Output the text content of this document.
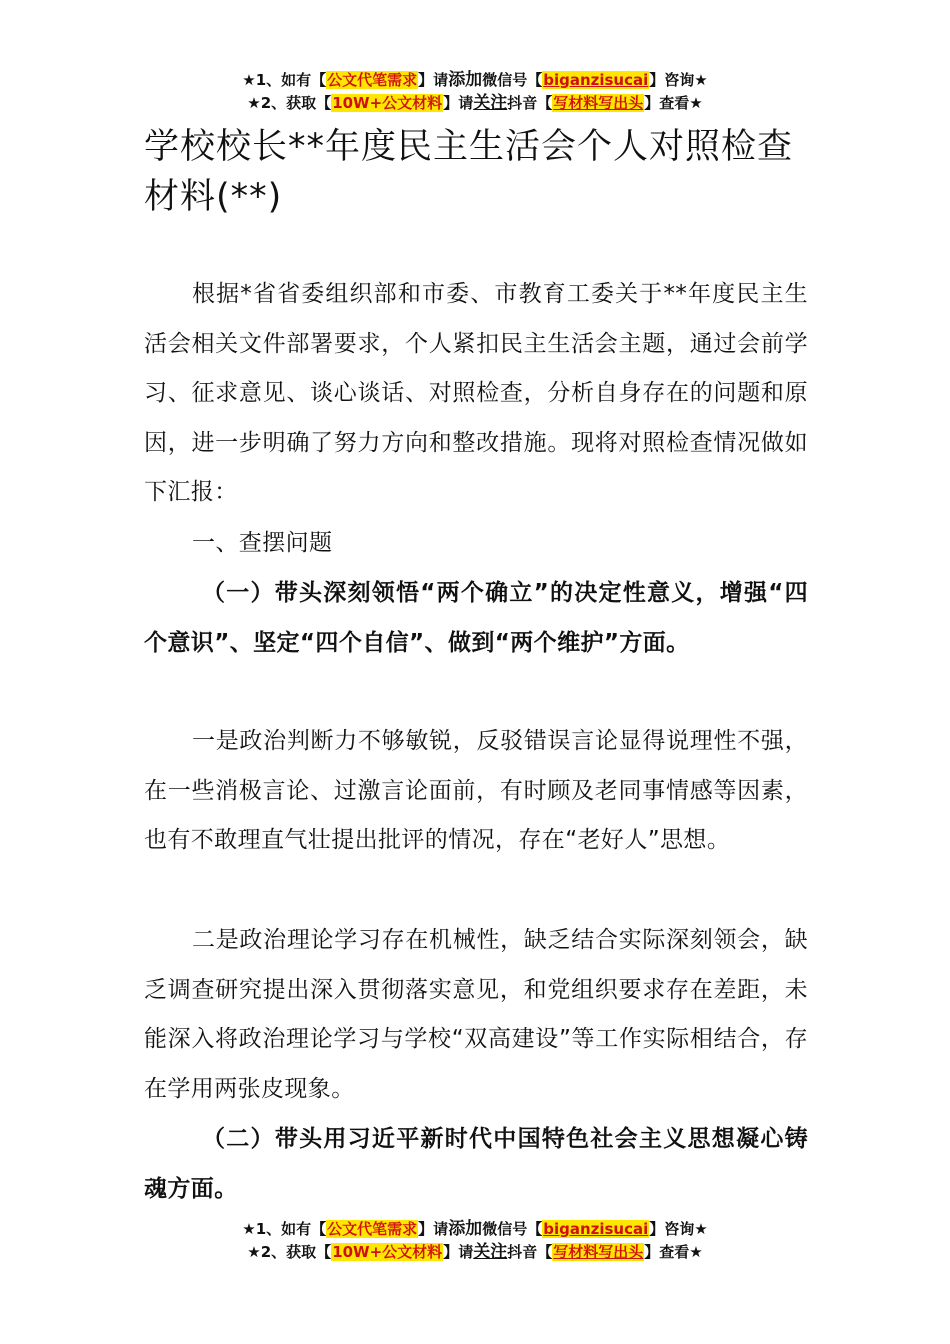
★1、如有【公文代笔需求】请添加微信号【biganzisucai】咨询★
★2、获取【10W+公文材料】请关注抖音【写材料写出头】查看★
学校校长**年度民主生活会个人对照检查材料(**)
根据*省省委组织部和市委、市教育工委关于**年度民主生活会相关文件部署要求，个人紧扣民主生活会主题，通过会前学习、征求意见、谈心谈话、对照检查，分析自身存在的问题和原因，进一步明确了努力方向和整改措施。现将对照检查情况做如下汇报：
一、查摆问题
（一）带头深刻领悟“两个确立”的决定性意义，增强“四个意识”、坚定“四个自信”、做到“两个维护”方面。
一是政治判断力不够敏锐，反驳错误言论显得说理性不强，在一些消极言论、过激言论面前，有时顾及老同事情感等因素，也有不敢理直气壮提出批评的情况，存在“老好人”思想。
二是政治理论学习存在机械性，缺乏结合实际深刻领会，缺乏调查研究提出深入贯彻落实意见，和党组织要求存在差距，未能深入将政治理论学习与学校“双高建设”等工作实际相结合，存在学用两张皮现象。
（二）带头用习近平新时代中国特色社会主义思想凝心铸魂方面。
★1、如有【公文代笔需求】请添加微信号【biganzisucai】咨询★
★2、获取【10W+公文材料】请关注抖音【写材料写出头】查看★
